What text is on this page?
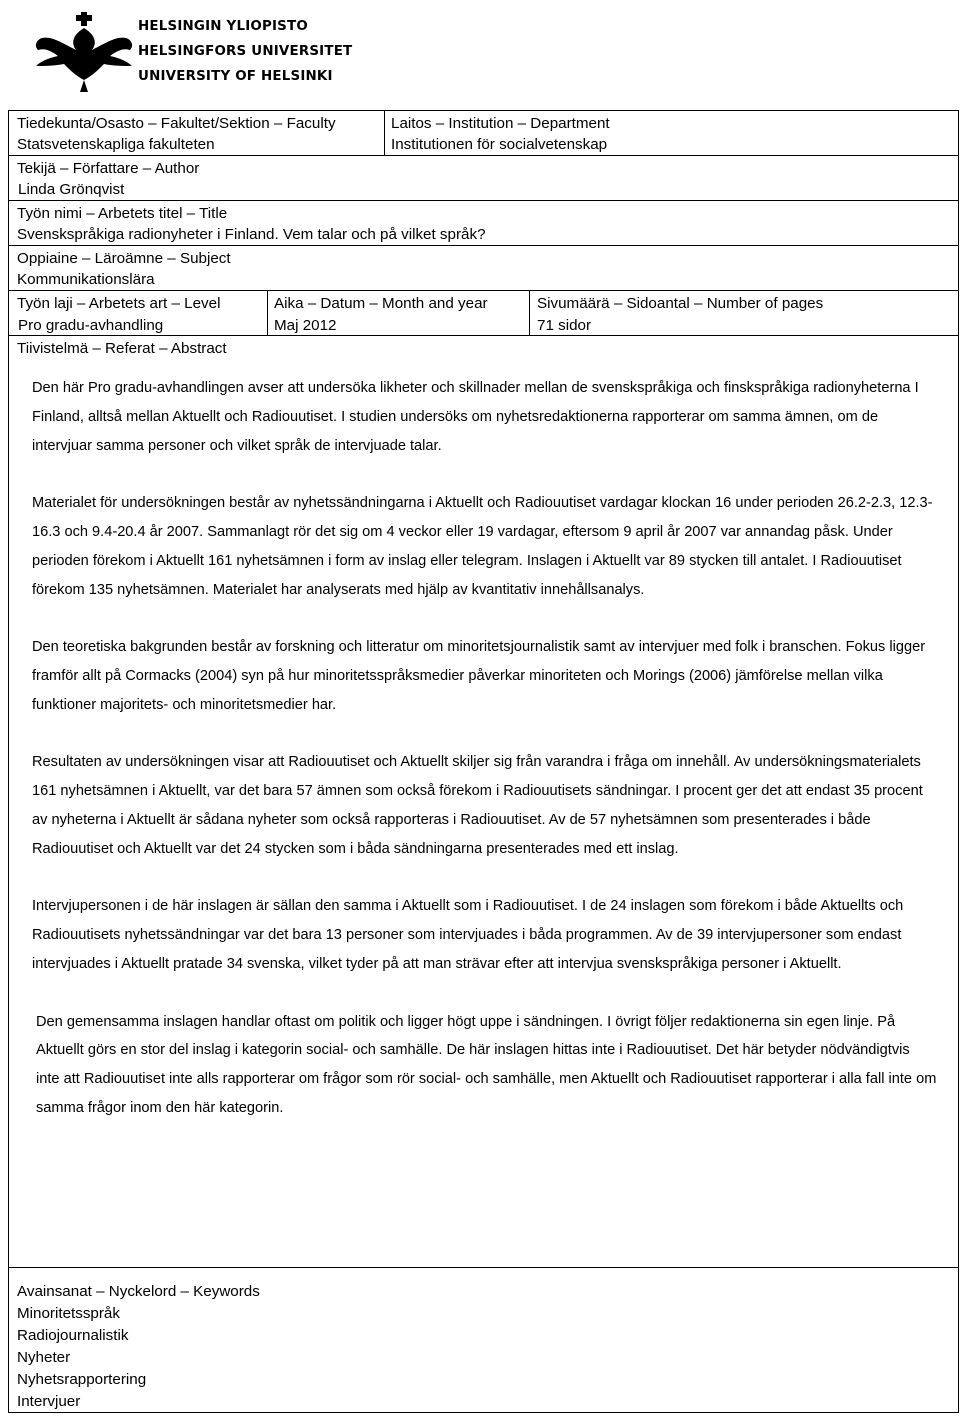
HELSINGIN YLIOPISTO
HELSINGFORS UNIVERSITET
UNIVERSITY OF HELSINKI
Tiedekunta/Osasto – Fakultet/Sektion – Faculty
Statsvetenskapliga fakulteten
Laitos – Institution – Department
Institutionen för socialvetenskap
Tekijä – Författare – Author
Linda Grönqvist
Työn nimi – Arbetets titel – Title
Svenskspråkiga radionyheter i Finland. Vem talar och på vilket språk?
Oppiaine – Läroämne – Subject
Kommunikationslära
Työn laji – Arbetets art – Level
Pro gradu-avhandling
Aika – Datum – Month and year
Maj 2012
Sivumäärä – Sidoantal – Number of pages
71 sidor
Tiivistelmä – Referat – Abstract

Den här Pro gradu-avhandlingen avser att undersöka likheter och skillnader mellan de svenskspråkiga och finskspråkiga radionyheterna I Finland, alltså mellan Aktuellt och Radiouutiset. I studien undersöks om nyhetsredaktionerna rapporterar om samma ämnen, om de intervjuar samma personer och vilket språk de intervjuade talar.

Materialet för undersökningen består av nyhetssändningarna i Aktuellt och Radiouutiset vardagar klockan 16 under perioden 26.2-2.3, 12.3-16.3 och 9.4-20.4 år 2007. Sammanlagt rör det sig om 4 veckor eller 19 vardagar, eftersom 9 april år 2007 var annandag påsk. Under perioden förekom i Aktuellt 161 nyhetsämnen i form av inslag eller telegram. Inslagen i Aktuellt var 89 stycken till antalet. I Radiouutiset förekom 135 nyhetsämnen. Materialet har analyserats med hjälp av kvantitativ innehållsanalys.

Den teoretiska bakgrunden består av forskning och litteratur om minoritetsjournalistik samt av intervjuer med folk i branschen. Fokus ligger framför allt på Cormacks (2004) syn på hur minoritetsspråksmedier påverkar minoriteten och Morings (2006) jämförelse mellan vilka funktioner majoritets- och minoritetsmedier har.

Resultaten av undersökningen visar att Radiouutiset och Aktuellt skiljer sig från varandra i fråga om innehåll. Av undersökningsmaterialets 161 nyhetsämnen i Aktuellt, var det bara 57 ämnen som också förekom i Radiouutisets sändningar. I procent ger det att endast 35 procent av nyheterna i Aktuellt är sådana nyheter som också rapporteras i Radiouutiset. Av de 57 nyhetsämnen som presenterades i både Radiouutiset och Aktuellt var det 24 stycken som i båda sändningarna presenterades med ett inslag.

Intervjupersonen i de här inslagen är sällan den samma i Aktuellt som i Radiouutiset. I de 24 inslagen som förekom i både Aktuellts och Radiouutisets nyhetssändningar var det bara 13 personer som intervjuades i båda programmen. Av de 39 intervjupersoner som endast intervjuades i Aktuellt pratade 34 svenska, vilket tyder på att man strävar efter att intervjua svenskspråkiga personer i Aktuellt.

Den gemensamma inslagen handlar oftast om politik och ligger högt uppe i sändningen. I övrigt följer redaktionerna sin egen linje. På Aktuellt görs en stor del inslag i kategorin social- och samhälle. De här inslagen hittas inte i Radiouutiset. Det här betyder nödvändigtvis inte att Radiouutiset inte alls rapporterar om frågor som rör social- och samhälle, men Aktuellt och Radiouutiset rapporterar i alla fall inte om samma frågor inom den här kategorin.

Avainsanat – Nyckelord – Keywords
Minoritetsspråk
Radiojournalistik
Nyheter
Nyhetsrapportering
Intervjuer
